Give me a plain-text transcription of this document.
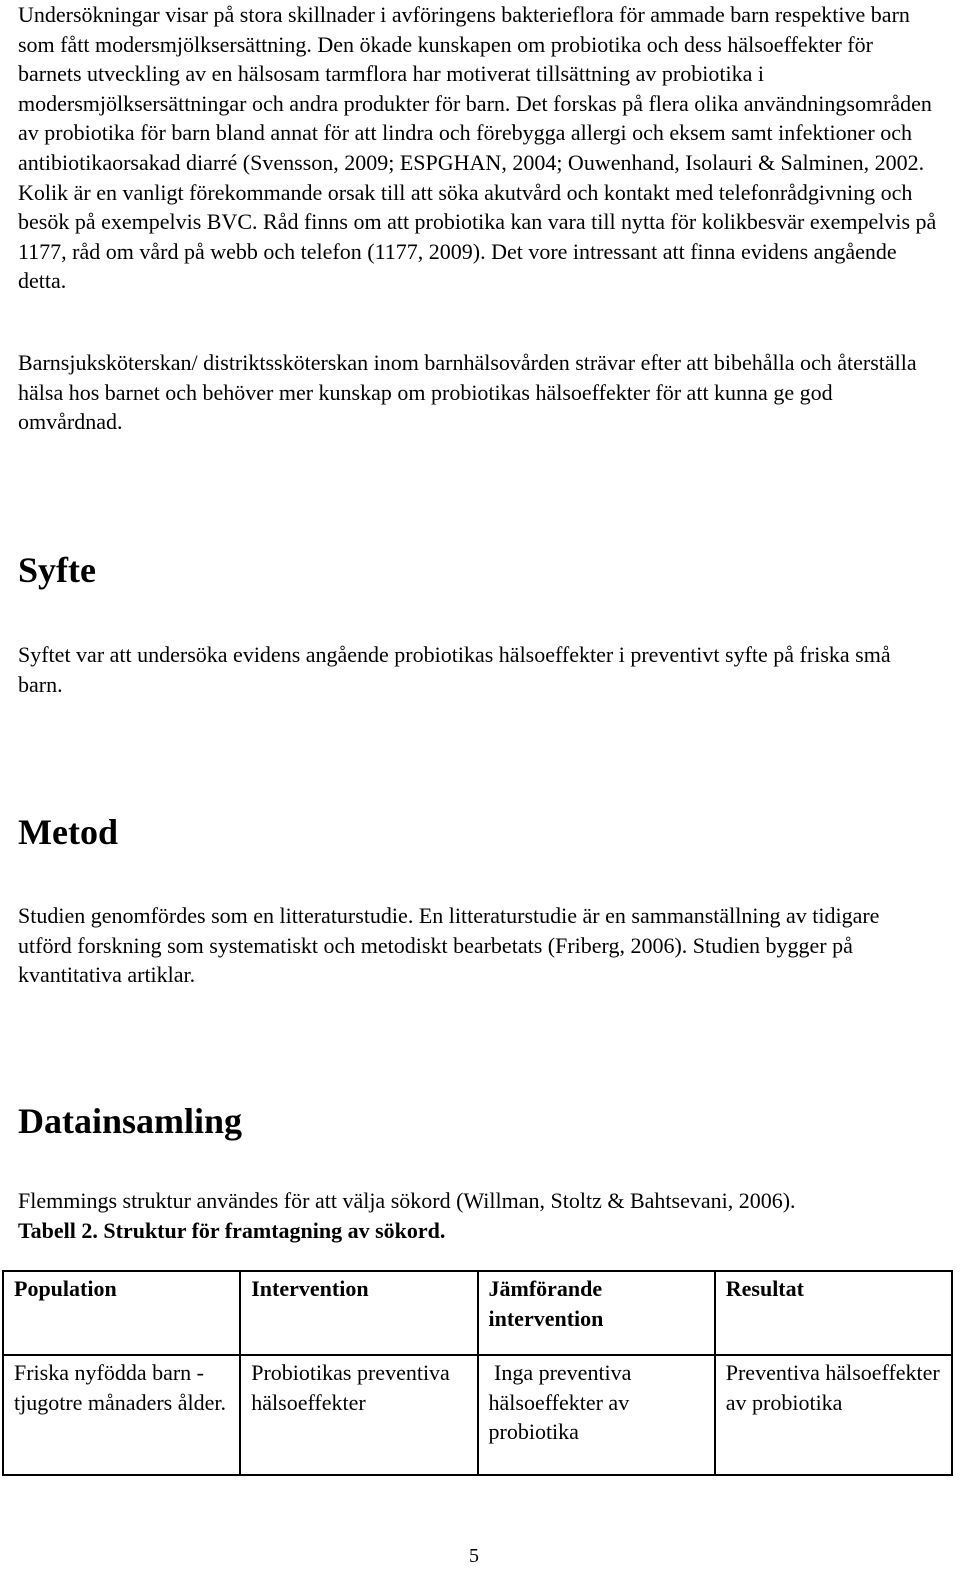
Undersökningar visar på stora skillnader i avföringens bakterieflora för ammade barn respektive barn som fått modersmjölksersättning. Den ökade kunskapen om probiotika och dess hälsoeffekter för barnets utveckling av en hälsosam tarmflora har motiverat tillsättning av probiotika i modersmjölksersättningar och andra produkter för barn. Det forskas på flera olika användningsområden av probiotika för barn bland annat för att lindra och förebygga allergi och eksem samt infektioner och antibiotikaorsakad diarré (Svensson, 2009; ESPGHAN, 2004; Ouwenhand, Isolauri & Salminen, 2002. Kolik är en vanligt förekommande orsak till att söka akutvård och kontakt med telefonrådgivning och besök på exempelvis BVC. Råd finns om att probiotika kan vara till nytta för kolikbesvär exempelvis på 1177, råd om vård på webb och telefon (1177, 2009). Det vore intressant att finna evidens angående detta.

Barnsjuksköterskan/ distriktssköterskan inom barnhälsovården strävar efter att bibehålla och återställa hälsa hos barnet och behöver mer kunskap om probiotikas hälsoeffekter för att kunna ge god omvårdnad.

Syfte

Syftet var att undersöka evidens angående probiotikas hälsoeffekter i preventivt syfte på friska små barn.

Metod

Studien genomfördes som en litteraturstudie. En litteraturstudie är en sammanställning av tidigare utförd forskning som systematiskt och metodiskt bearbetats (Friberg, 2006). Studien bygger på kvantitativa artiklar.

Datainsamling

Flemmings struktur användes för att välja sökord (Willman, Stoltz & Bahtsevani, 2006).

Tabell 2. Struktur för framtagning av sökord.

Population	Intervention	Jämförande intervention	Resultat
Friska nyfödda barn - tjugotre månaders ålder.	Probiotikas preventiva hälsoeffekter	Inga preventiva hälsoeffekter av probiotika	Preventiva hälsoeffekter av probiotika
5
